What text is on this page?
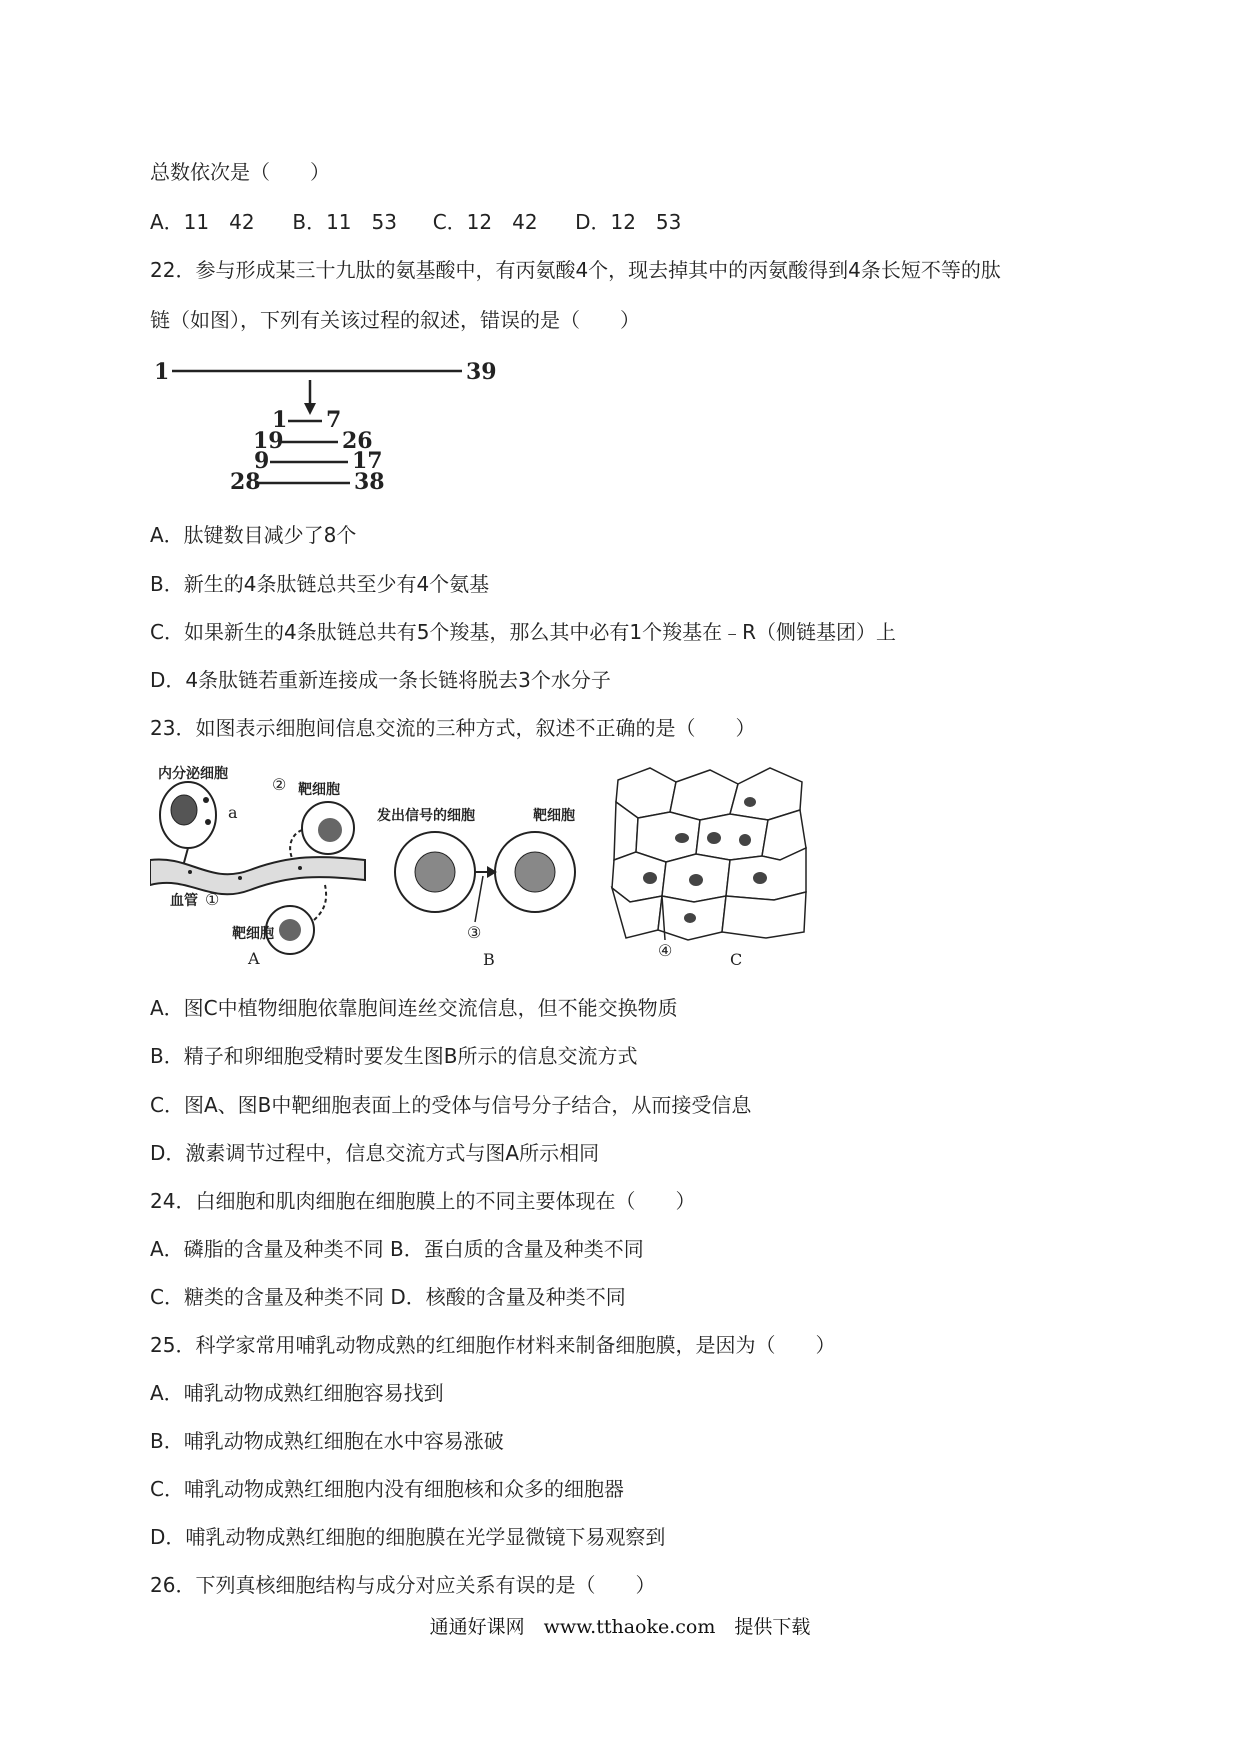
总数依次是（　　）
A．11　42 B．11　53 C．12　42 D．12　53
22．参与形成某三十九肽的氨基酸中，有丙氨酸4个，现去掉其中的丙氨酸得到4条长短不等的肽
链（如图），下列有关该过程的叙述，错误的是（　　）
1	39
1 7
19	26
9	17
28	38
A．肽键数目减少了8个
B．新生的4条肽链总共至少有4个氨基
C．如果新生的4条肽链总共有5个羧基，那么其中必有1个羧基在﹣R（侧链基团）上
D．4条肽链若重新连接成一条长链将脱去3个水分子
23．如图表示细胞间信息交流的三种方式，叙述不正确的是（　　）
内分泌细胞
a
② 靶细胞
血管 ①
靶细胞
A
发出信号的细胞	靶细胞
③
B	④	C
A．图C中植物细胞依靠胞间连丝交流信息，但不能交换物质
B．精子和卵细胞受精时要发生图B所示的信息交流方式
C．图A、图B中靶细胞表面上的受体与信号分子结合，从而接受信息
D．激素调节过程中，信息交流方式与图A所示相同
24．白细胞和肌肉细胞在细胞膜上的不同主要体现在（　　）
A．磷脂的含量及种类不同 B．蛋白质的含量及种类不同
C．糖类的含量及种类不同 D．核酸的含量及种类不同
25．科学家常用哺乳动物成熟的红细胞作材料来制备细胞膜，是因为（　　）
A．哺乳动物成熟红细胞容易找到
B．哺乳动物成熟红细胞在水中容易涨破
C．哺乳动物成熟红细胞内没有细胞核和众多的细胞器
D．哺乳动物成熟红细胞的细胞膜在光学显微镜下易观察到
26．下列真核细胞结构与成分对应关系有误的是（　　）
通通好课网　www.tthaoke.com　提供下载
